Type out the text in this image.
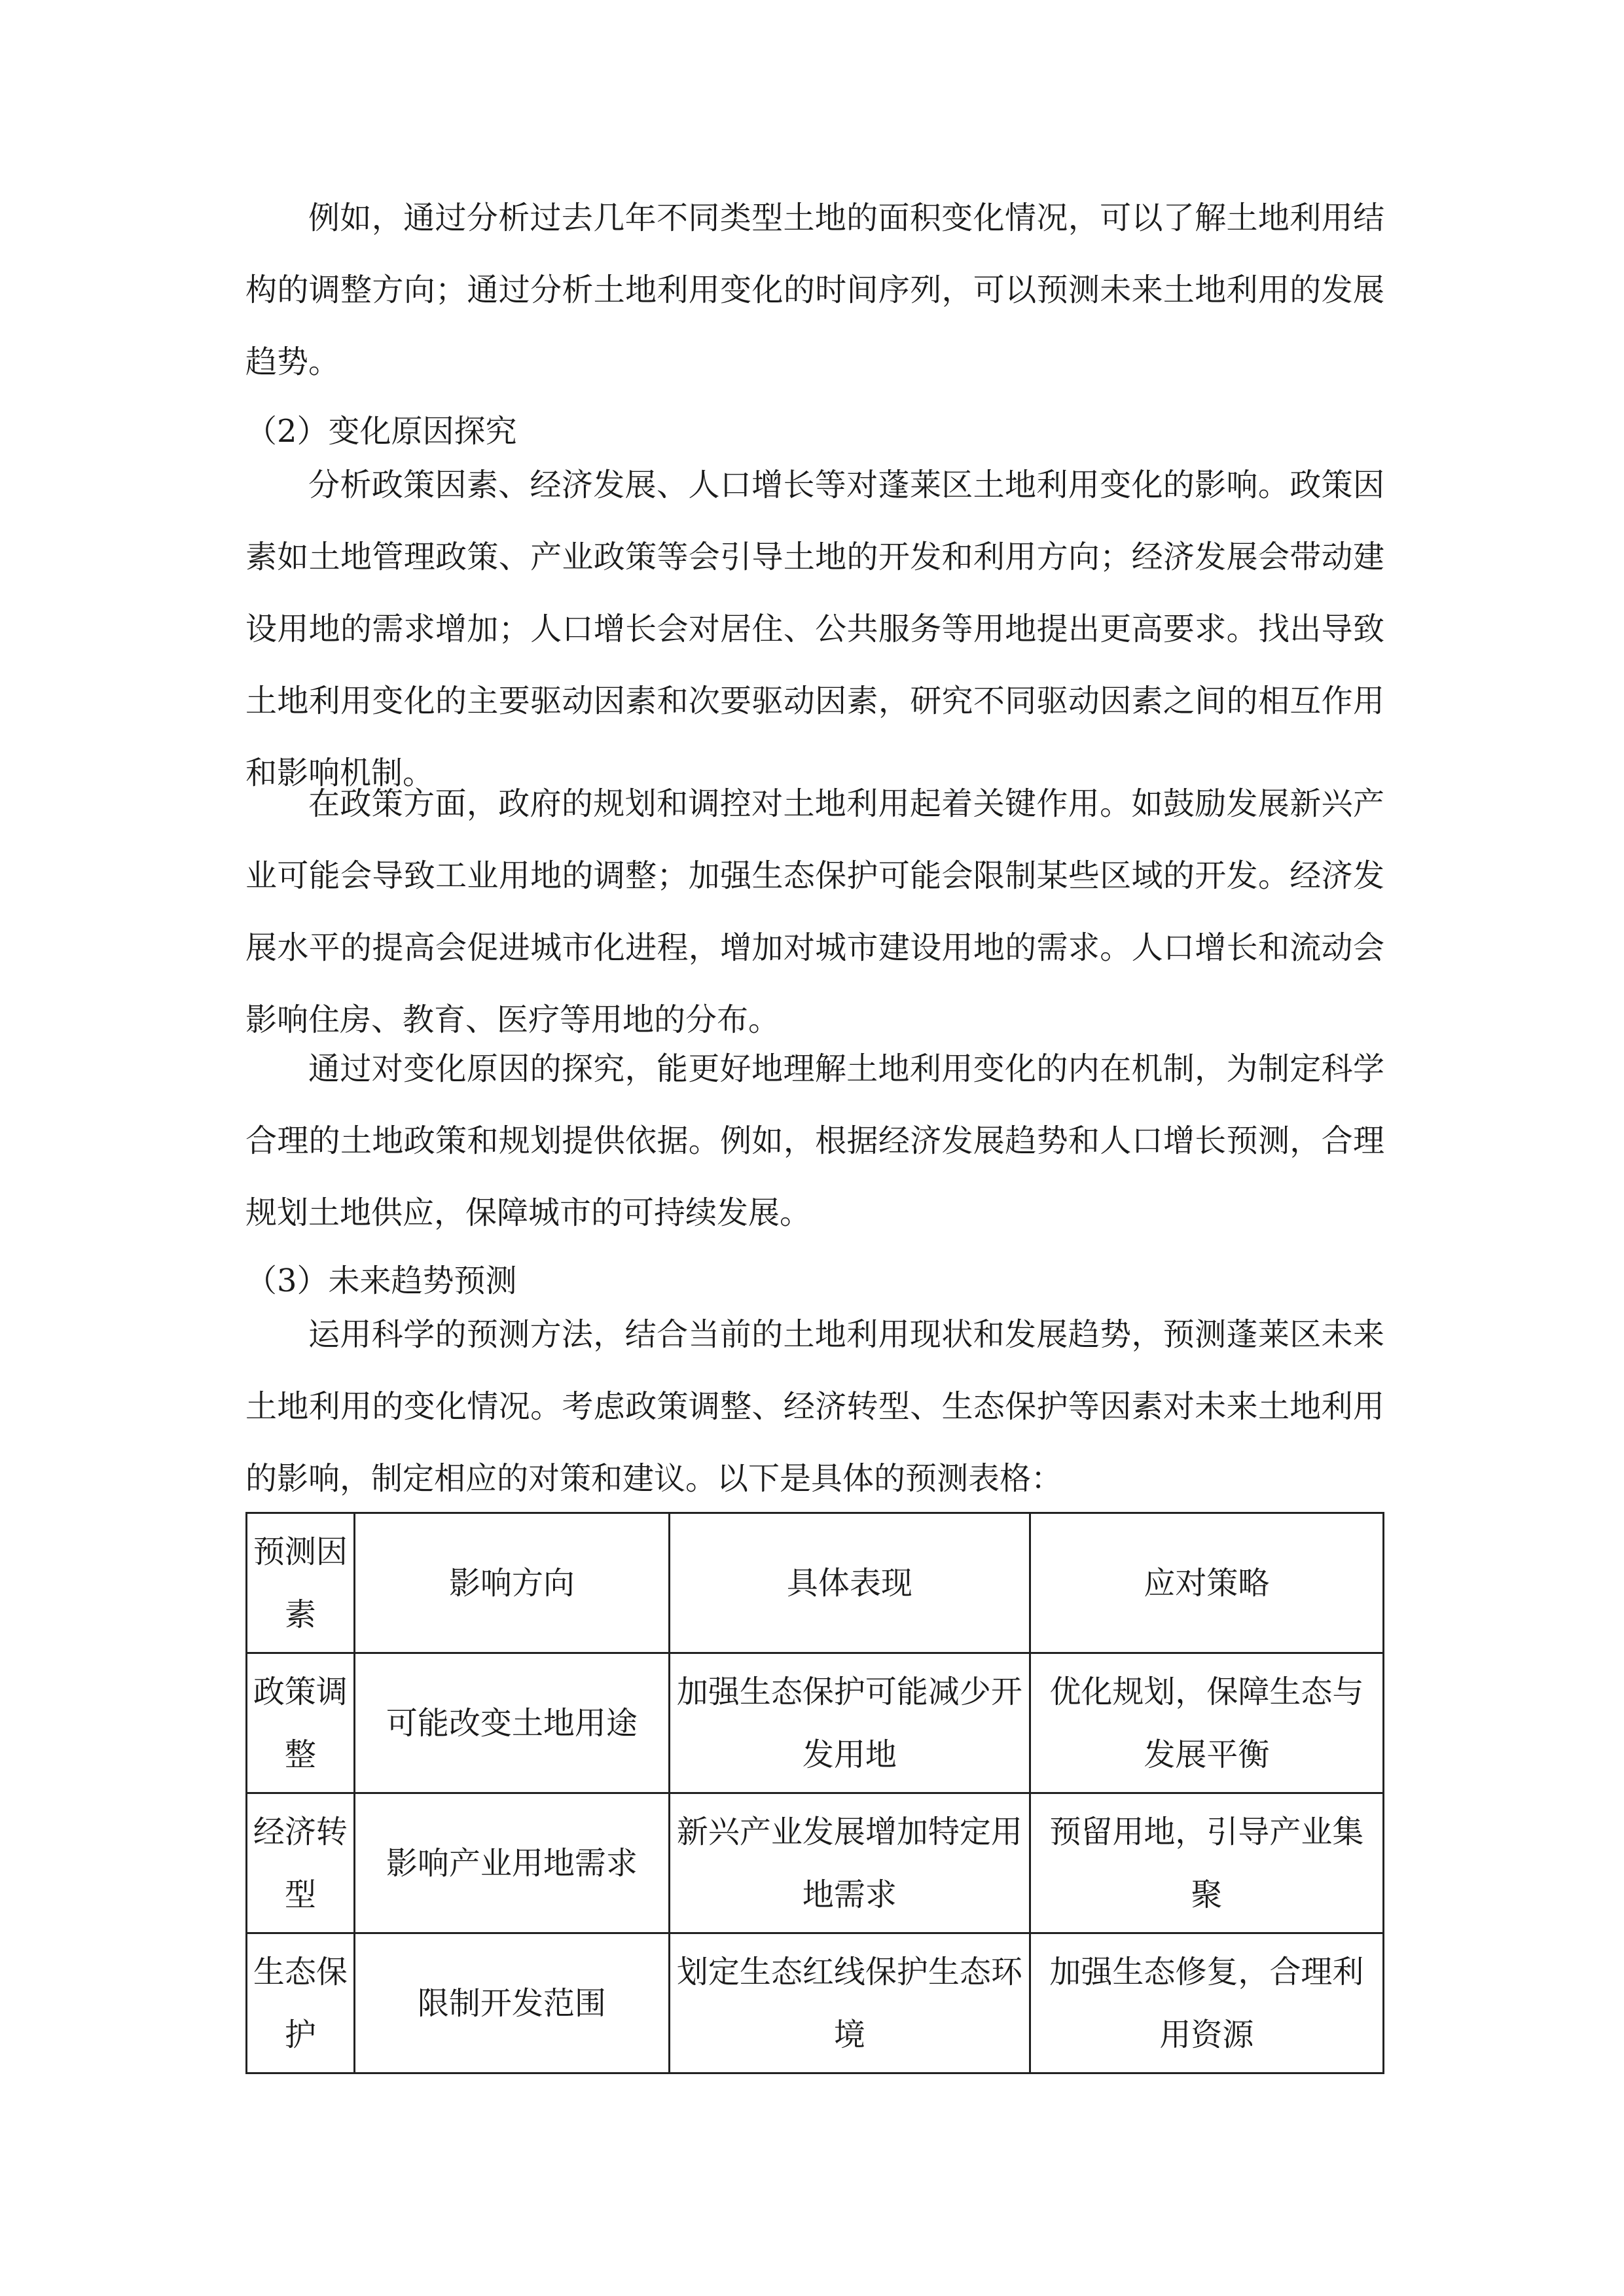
例如，通过分析过去几年不同类型土地的面积变化情况，可以了解土地利用结构的调整方向；通过分析土地利用变化的时间序列，可以预测未来土地利用的发展趋势。

（2）变化原因探究

分析政策因素、经济发展、人口增长等对蓬莱区土地利用变化的影响。政策因素如土地管理政策、产业政策等会引导土地的开发和利用方向；经济发展会带动建设用地的需求增加；人口增长会对居住、公共服务等用地提出更高要求。找出导致土地利用变化的主要驱动因素和次要驱动因素，研究不同驱动因素之间的相互作用和影响机制。

在政策方面，政府的规划和调控对土地利用起着关键作用。如鼓励发展新兴产业可能会导致工业用地的调整；加强生态保护可能会限制某些区域的开发。经济发展水平的提高会促进城市化进程，增加对城市建设用地的需求。人口增长和流动会影响住房、教育、医疗等用地的分布。

通过对变化原因的探究，能更好地理解土地利用变化的内在机制，为制定科学合理的土地政策和规划提供依据。例如，根据经济发展趋势和人口增长预测，合理规划土地供应，保障城市的可持续发展。

（3）未来趋势预测

运用科学的预测方法，结合当前的土地利用现状和发展趋势，预测蓬莱区未来土地利用的变化情况。考虑政策调整、经济转型、生态保护等因素对未来土地利用的影响，制定相应的对策和建议。以下是具体的预测表格：

预测因素	影响方向	具体表现	应对策略
政策调整	可能改变土地用途	加强生态保护可能减少开发用地	优化规划，保障生态与发展平衡
经济转型	影响产业用地需求	新兴产业发展增加特定用地需求	预留用地，引导产业集聚
生态保护	限制开发范围	划定生态红线保护生态环境	加强生态修复，合理利用资源
